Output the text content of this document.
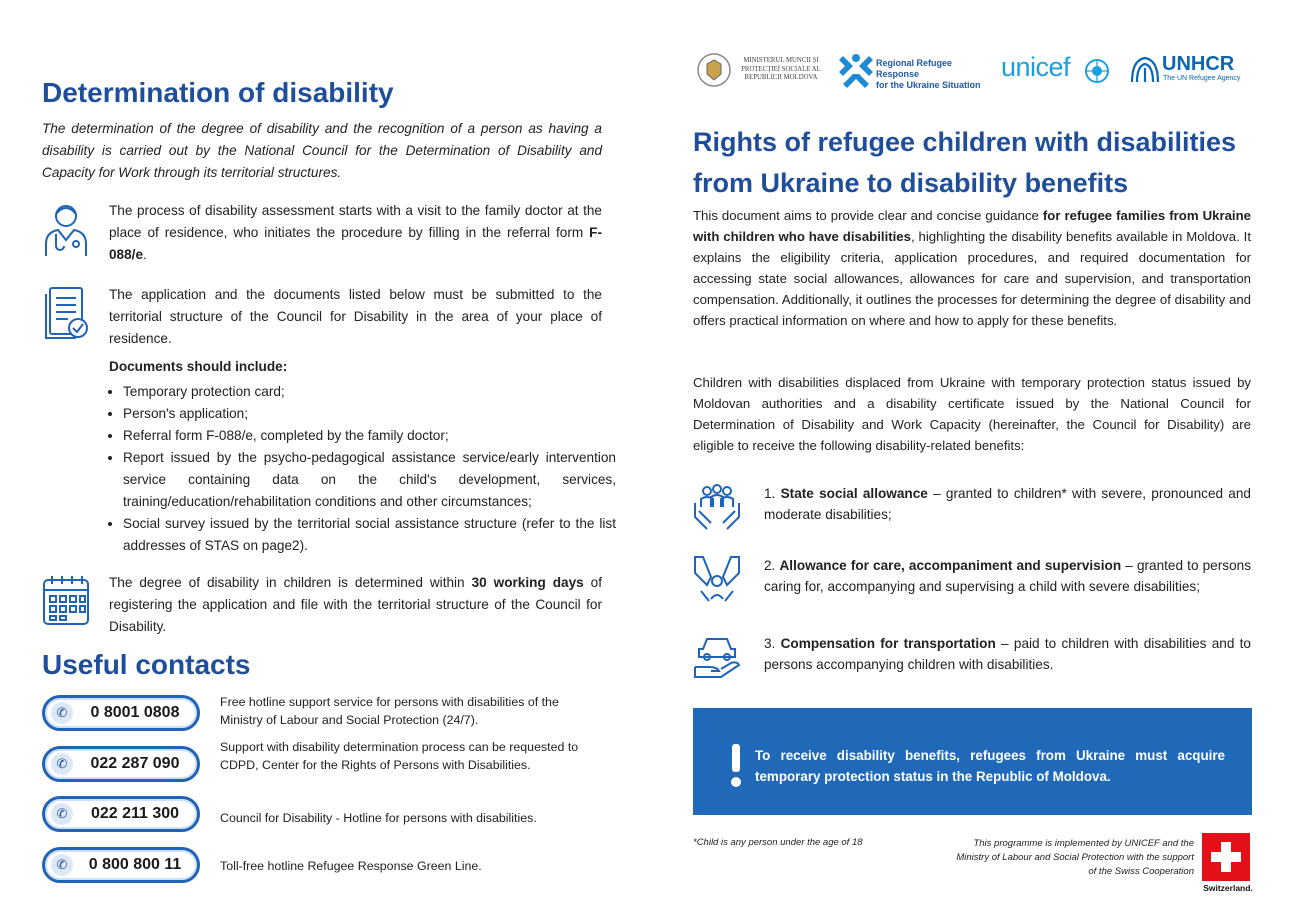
Determination of disability
The determination of the degree of disability and the recognition of a person as having a disability is carried out by the National Council for the Determination of Disability and Capacity for Work through its territorial structures.
The process of disability assessment starts with a visit to the family doctor at the place of residence, who initiates the procedure by filling in the referral form F-088/e.
The application and the documents listed below must be submitted to the territorial structure of the Council for Disability in the area of your place of residence.
Documents should include:
• Temporary protection card;
• Person's application;
• Referral form F-088/e, completed by the family doctor;
• Report issued by the psycho-pedagogical assistance service/early intervention service containing data on the child's development, services, training/education/rehabilitation conditions and other circumstances;
• Social survey issued by the territorial social assistance structure (refer to the list addresses of STAS on page2).
The degree of disability in children is determined within 30 working days of registering the application and file with the territorial structure of the Council for Disability.
Useful contacts
✆	0 8001 0808
Free hotline support service for persons with disabilities of the Ministry of Labour and Social Protection (24/7).
✆	022 287 090
Support with disability determination process can be requested to CDPD, Center for the Rights of Persons with Disabilities.
✆	022 211 300	Council for Disability - Hotline for persons with disabilities.
✆	0 800 800 11	Toll-free hotline Refugee Response Green Line.
MINISTERUL MUNCII ȘI PROTECȚIEI SOCIALE AL REPUBLICII MOLDOVA
Regional Refugee Response
for the Ukraine Situation
unicef	UNHCR
The UN Refugee Agency
Rights of refugee children with disabilities from Ukraine to disability benefits
This document aims to provide clear and concise guidance for refugee families from Ukraine with children who have disabilities, highlighting the disability benefits available in Moldova. It explains the eligibility criteria, application procedures, and required documentation for accessing state social allowances, allowances for care and supervision, and transportation compensation. Additionally, it outlines the processes for determining the degree of disability and offers practical information on where and how to apply for these benefits.
Children with disabilities displaced from Ukraine with temporary protection status issued by Moldovan authorities and a disability certificate issued by the National Council for Determination of Disability and Work Capacity (hereinafter, the Council for Disability) are eligible to receive the following disability-related benefits:
1. State social allowance – granted to children* with severe, pronounced and moderate disabilities;
2. Allowance for care, accompaniment and supervision – granted to persons caring for, accompanying and supervising a child with severe disabilities;
3. Compensation for transportation – paid to children with disabilities and to persons accompanying children with disabilities.
To receive disability benefits, refugees from Ukraine must acquire temporary protection status in the Republic of Moldova.
*Child is any person under the age of 18	This programme is implemented by UNICEF and the Ministry of Labour and Social Protection with the support of the Swiss Cooperation
Switzerland.
